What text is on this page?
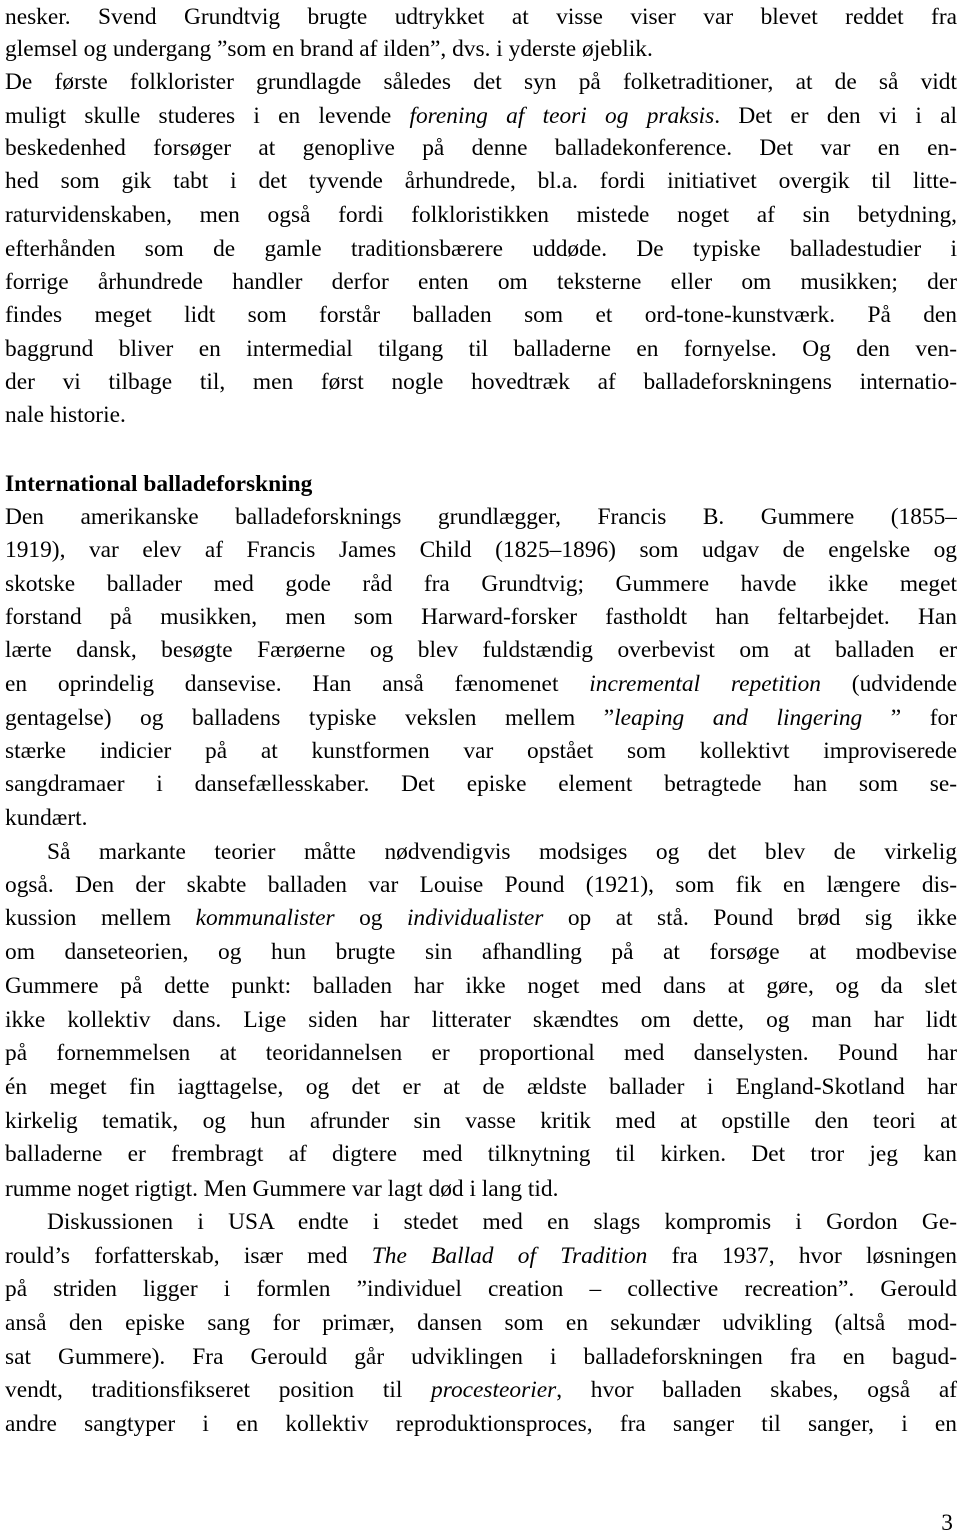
nesker. Svend Grundtvig brugte udtrykket at visse viser var blevet reddet fra
glemsel og undergang ”som en brand af ilden”, dvs. i yderste øjeblik.
De første folklorister grundlagde således det syn på folketraditioner, at de så vidt
muligt skulle studeres i en levende forening af teori og praksis. Det er den vi i al
beskedenhed forsøger at genoplive på denne balladekonference. Det var en en-
hed som gik tabt i det tyvende århundrede, bl.a. fordi initiativet overgik til litte-
raturvidenskaben, men også fordi folkloristikken mistede noget af sin betydning,
efterhånden som de gamle traditionsbærere uddøde. De typiske balladestudier i
forrige århundrede handler derfor enten om teksterne eller om musikken; der
findes meget lidt som forstår balladen som et ord-tone-kunstværk. På den
baggrund bliver en intermedial tilgang til balladerne en fornyelse. Og den ven-
der vi tilbage til, men først nogle hovedtræk af balladeforskningens internatio-
nale historie.
Den amerikanske balladeforsknings grundlægger, Francis B. Gummere (1855–
1919), var elev af Francis James Child (1825–1896) som udgav de engelske og
skotske ballader med gode råd fra Grundtvig; Gummere havde ikke meget
forstand på musikken, men som Harward-forsker fastholdt han feltarbejdet. Han
lærte dansk, besøgte Færøerne og blev fuldstændig overbevist om at balladen er
en oprindelig dansevise. Han anså fænomenet incremental repetition (udvidende
gentagelse) og balladens typiske vekslen mellem ”leaping and lingering ” for
stærke indicier på at kunstformen var opstået som kollektivt improviserede
sangdramaer i dansefællesskaber. Det episke element betragtede han som se-
kundært.
Så markante teorier måtte nødvendigvis modsiges og det blev de virkelig
også. Den der skabte balladen var Louise Pound (1921), som fik en længere dis-
kussion mellem kommunalister og individualister op at stå. Pound brød sig ikke
om danseteorien, og hun brugte sin afhandling på at forsøge at modbevise
Gummere på dette punkt: balladen har ikke noget med dans at gøre, og da slet
ikke kollektiv dans. Lige siden har litterater skændtes om dette, og man har lidt
på fornemmelsen at teoridannelsen er proportional med danselysten. Pound har
én meget fin iagttagelse, og det er at de ældste ballader i England-Skotland har
kirkelig tematik, og hun afrunder sin vasse kritik med at opstille den teori at
balladerne er frembragt af digtere med tilknytning til kirken. Det tror jeg kan
rumme noget rigtigt. Men Gummere var lagt død i lang tid.
Diskussionen i USA endte i stedet med en slags kompromis i Gordon Ge-
rould’s forfatterskab, især med The Ballad of Tradition fra 1937, hvor løsningen
på striden ligger i formlen ”individuel creation – collective recreation”. Gerould
anså den episke sang for primær, dansen som en sekundær udvikling (altså mod-
sat Gummere). Fra Gerould går udviklingen i balladeforskningen fra en bagud-
vendt, traditionsfikseret position til procesteorier, hvor balladen skabes, også af
andre sangtyper i en kollektiv reproduktionsproces, fra sanger til sanger, i en
International balladeforskning
3
